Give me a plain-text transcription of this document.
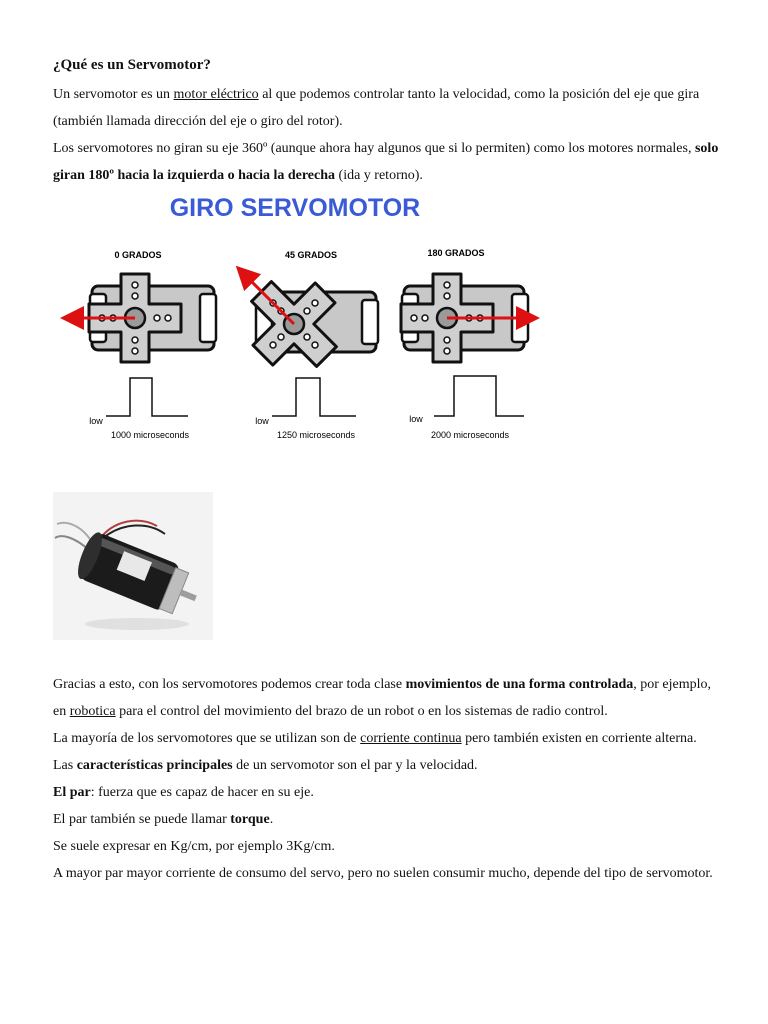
¿Qué es un Servomotor?
Un servomotor es un motor eléctrico al que podemos controlar tanto la velocidad, como la posición del eje que gira (también llamada dirección del eje o giro del rotor).
Los servomotores no giran su eje 360º (aunque ahora hay algunos que si lo permiten) como los motores normales, solo giran 180º hacia la izquierda o hacia la derecha (ida y retorno).
GIRO SERVOMOTOR
0 GRADOS
low
1000 microseconds
45 GRADOS
low
1250 microseconds
180 GRADOS
low
2000 microseconds
Gracias a esto, con los servomotores podemos crear toda clase movimientos de una forma controlada, por ejemplo, en robotica para el control del movimiento del brazo de un robot o en los sistemas de radio control.
La mayoría de los servomotores que se utilizan son de corriente continua pero también existen en corriente alterna.
Las características principales de un servomotor son el par y la velocidad.
El par: fuerza que es capaz de hacer en su eje.
El par también se puede llamar torque.
Se suele expresar en Kg/cm, por ejemplo 3Kg/cm.
A mayor par mayor corriente de consumo del servo, pero no suelen consumir mucho, depende del tipo de servomotor.
